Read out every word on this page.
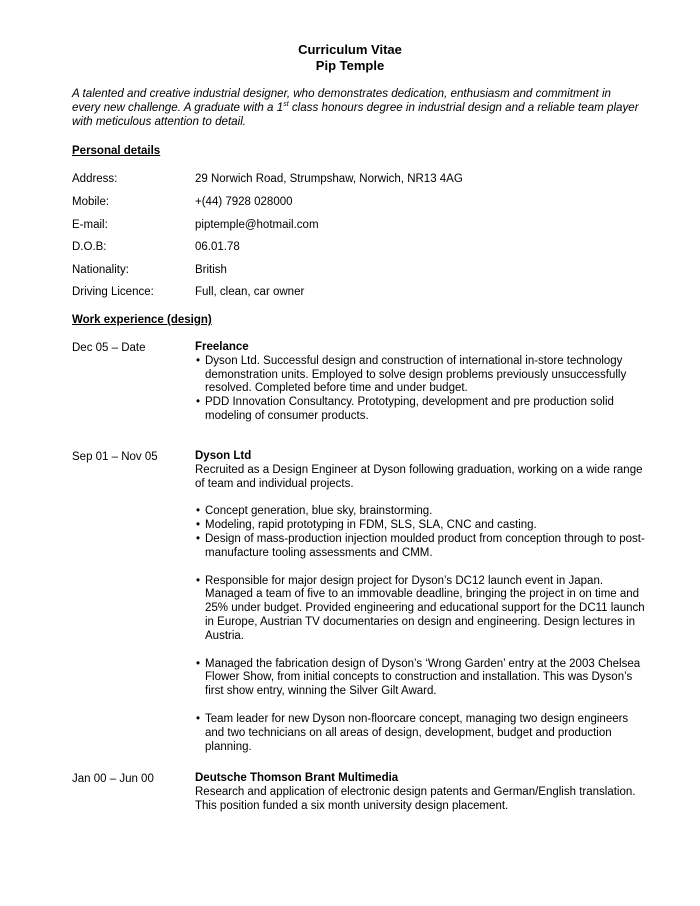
Curriculum Vitae
Pip Temple
A talented and creative industrial designer, who demonstrates dedication, enthusiasm and commitment in every new challenge. A graduate with a 1st class honours degree in industrial design and a reliable team player with meticulous attention to detail.
Personal details
Address:	29 Norwich Road, Strumpshaw, Norwich, NR13 4AG
Mobile:	+(44) 7928 028000
E-mail:	piptemple@hotmail.com
D.O.B:	06.01.78
Nationality:	British
Driving Licence:	Full, clean, car owner
Work experience (design)
Dec 05 – Date	Freelance
• Dyson Ltd. Successful design and construction of international in-store technology demonstration units. Employed to solve design problems previously unsuccessfully resolved. Completed before time and under budget.
• PDD Innovation Consultancy. Prototyping, development and pre production solid modeling of consumer products.
Sep 01 – Nov 05	Dyson Ltd
Recruited as a Design Engineer at Dyson following graduation, working on a wide range of team and individual projects.
• Concept generation, blue sky, brainstorming.
• Modeling, rapid prototyping in FDM, SLS, SLA, CNC and casting.
• Design of mass-production injection moulded product from conception through to post-manufacture tooling assessments and CMM.
• Responsible for major design project for Dyson’s DC12 launch event in Japan. Managed a team of five to an immovable deadline, bringing the project in on time and 25% under budget. Provided engineering and educational support for the DC11 launch in Europe, Austrian TV documentaries on design and engineering. Design lectures in Austria.
• Managed the fabrication design of Dyson’s ‘Wrong Garden’ entry at the 2003 Chelsea Flower Show, from initial concepts to construction and installation. This was Dyson’s first show entry, winning the Silver Gilt Award.
• Team leader for new Dyson non-floorcare concept, managing two design engineers and two technicians on all areas of design, development, budget and production planning.
Jan 00 – Jun 00	Deutsche Thomson Brant Multimedia
Research and application of electronic design patents and German/English translation. This position funded a six month university design placement.
